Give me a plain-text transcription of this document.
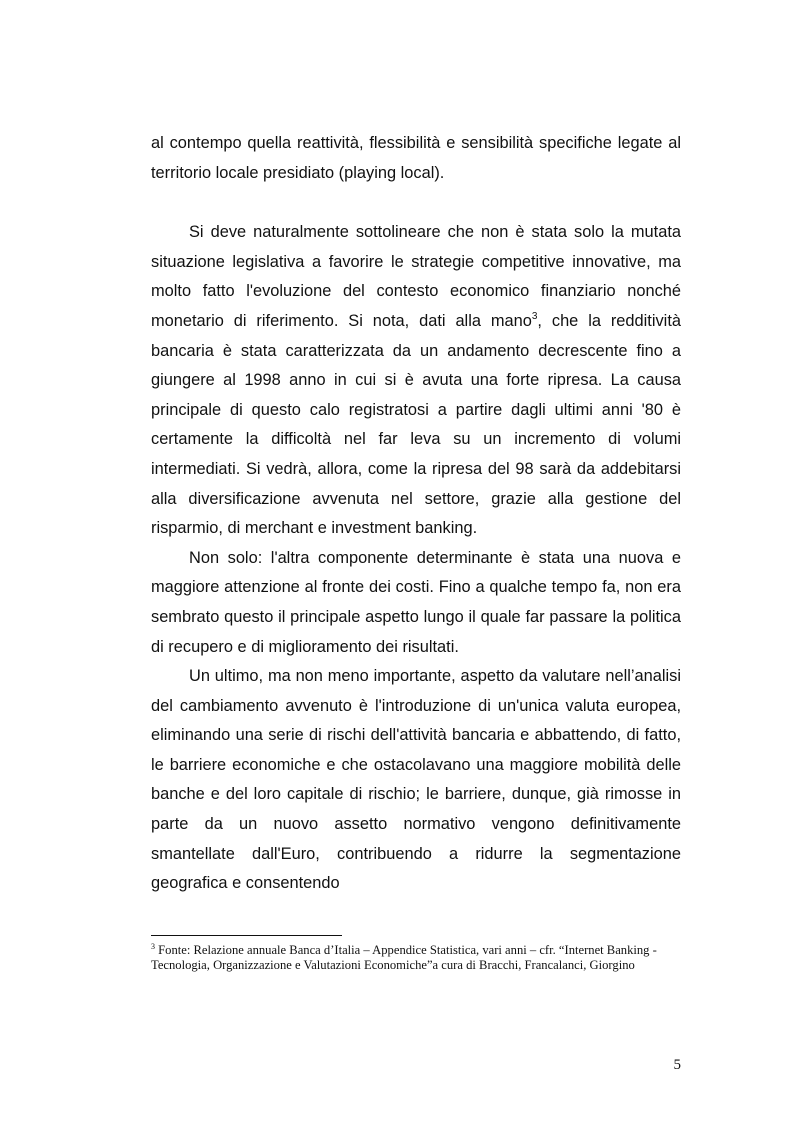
al contempo quella reattività, flessibilità e sensibilità specifiche legate al territorio locale presidiato (playing local).

Si deve naturalmente sottolineare che non è stata solo la mutata situazione legislativa a favorire le strategie competitive innovative, ma molto fatto l'evoluzione del contesto economico finanziario nonché monetario di riferimento. Si nota, dati alla mano$^3$, che la redditività bancaria è stata caratterizzata da un andamento decrescente fino a giungere al 1998 anno in cui si è avuta una forte ripresa. La causa principale di questo calo registratosi a partire dagli ultimi anni '80 è certamente la difficoltà nel far leva su un incremento di volumi intermediati. Si vedrà, allora, come la ripresa del 98 sarà da addebitarsi alla diversificazione avvenuta nel settore, grazie alla gestione del risparmio, di merchant e investment banking.

Non solo: l'altra componente determinante è stata una nuova e maggiore attenzione al fronte dei costi. Fino a qualche tempo fa, non era sembrato questo il principale aspetto lungo il quale far passare la politica di recupero e di miglioramento dei risultati.

Un ultimo, ma non meno importante, aspetto da valutare nell’analisi del cambiamento avvenuto è l'introduzione di un'unica valuta europea, eliminando una serie di rischi dell'attività bancaria e abbattendo, di fatto, le barriere economiche e che ostacolavano una maggiore mobilità delle banche e del loro capitale di rischio; le barriere, dunque, già rimosse in parte da un nuovo assetto normativo vengono definitivamente smantellate dall'Euro, contribuendo a ridurre la segmentazione geografica e consentendo

$^3$ Fonte: Relazione annuale Banca d’Italia – Appendice Statistica, vari anni – cfr. “Internet Banking - Tecnologia, Organizzazione e Valutazioni Economiche”a cura di Bracchi, Francalanci, Giorgino
5
